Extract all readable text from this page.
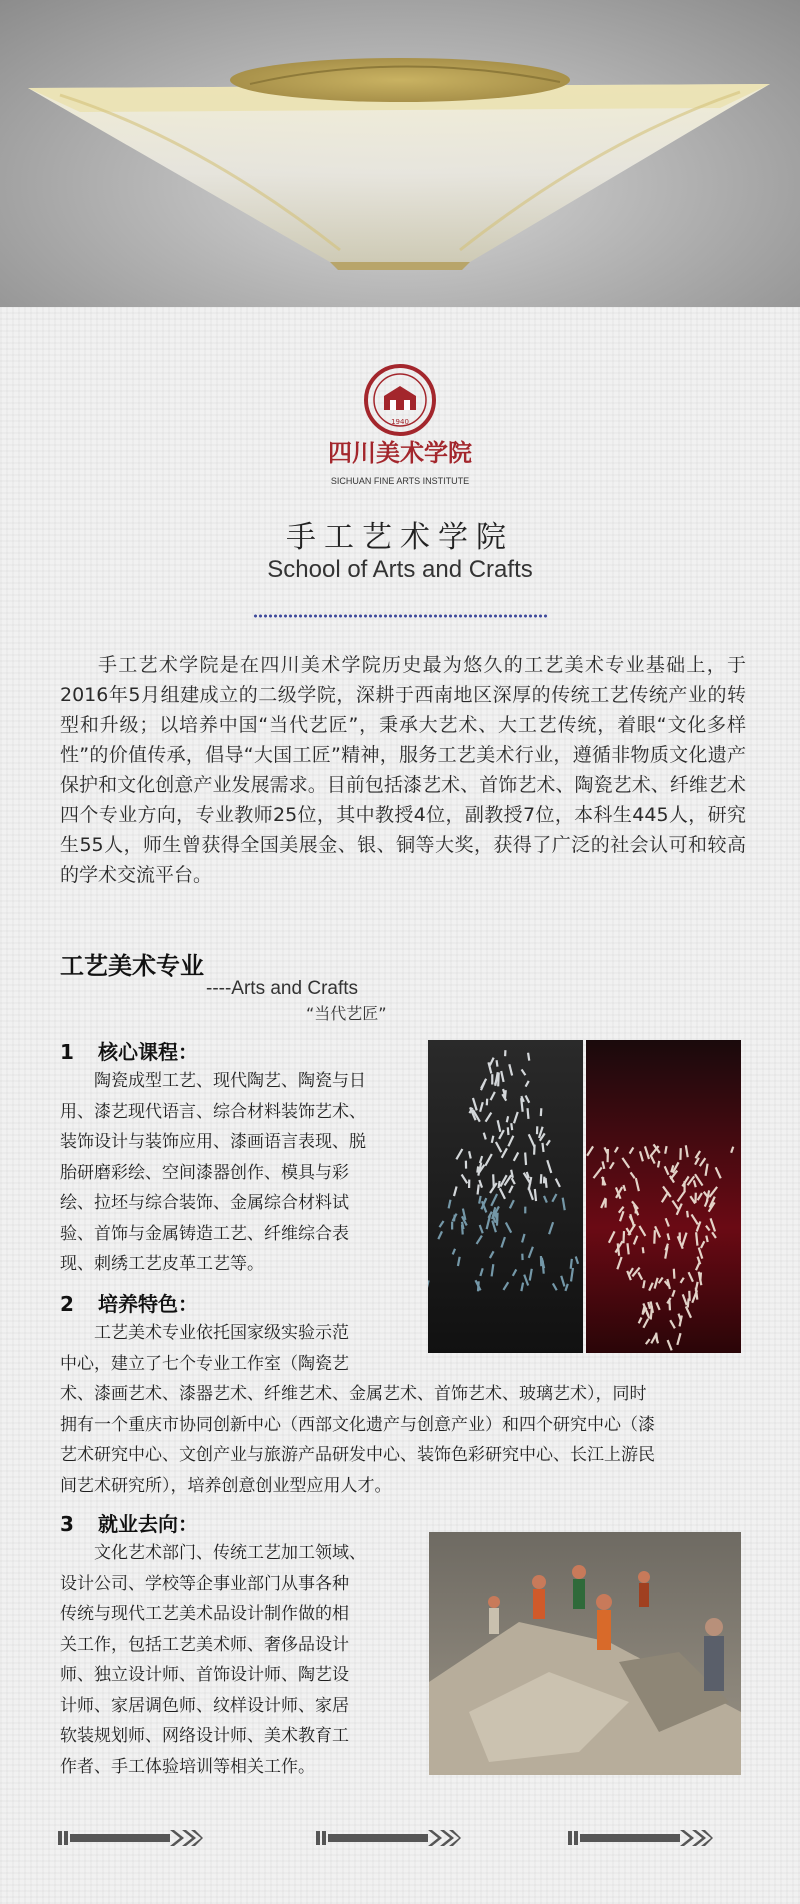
1940
四川美术学院
SICHUAN FINE ARTS INSTITUTE
手工艺术学院
School of Arts and Crafts

手工艺术学院是在四川美术学院历史最为悠久的工艺美术专业基础上，于2016年5月组建成立的二级学院，深耕于西南地区深厚的传统工艺传统产业的转型和升级；以培养中国“当代艺匠”，秉承大艺术、大工艺传统，着眼“文化多样性”的价值传承，倡导“大国工匠”精神，服务工艺美术行业，遵循非物质文化遗产保护和文化创意产业发展需求。目前包括漆艺术、首饰艺术、陶瓷艺术、纤维艺术四个专业方向，专业教师25位，其中教授4位，副教授7位，本科生445人，研究生55人，师生曾获得全国美展金、银、铜等大奖，获得了广泛的社会认可和较高的学术交流平台。

工艺美术专业
----Arts and Crafts
“当代艺匠”
1 核心课程：
陶瓷成型工艺、现代陶艺、陶瓷与日
用、漆艺现代语言、综合材料装饰艺术、
装饰设计与装饰应用、漆画语言表现、脱
胎研磨彩绘、空间漆器创作、模具与彩
绘、拉坯与综合装饰、金属综合材料试
验、首饰与金属铸造工艺、纤维综合表
现、刺绣工艺皮革工艺等。
2 培养特色：
工艺美术专业依托国家级实验示范
中心，建立了七个专业工作室（陶瓷艺
术、漆画艺术、漆器艺术、纤维艺术、金属艺术、首饰艺术、玻璃艺术），同时
拥有一个重庆市协同创新中心（西部文化遗产与创意产业）和四个研究中心（漆
艺术研究中心、文创产业与旅游产品研发中心、装饰色彩研究中心、长江上游民
间艺术研究所），培养创意创业型应用人才。
3 就业去向：
文化艺术部门、传统工艺加工领域、
设计公司、学校等企事业部门从事各种
传统与现代工艺美术品设计制作做的相
关工作，包括工艺美术师、奢侈品设计
师、独立设计师、首饰设计师、陶艺设
计师、家居调色师、纹样设计师、家居
软装规划师、网络设计师、美术教育工
作者、手工体验培训等相关工作。
